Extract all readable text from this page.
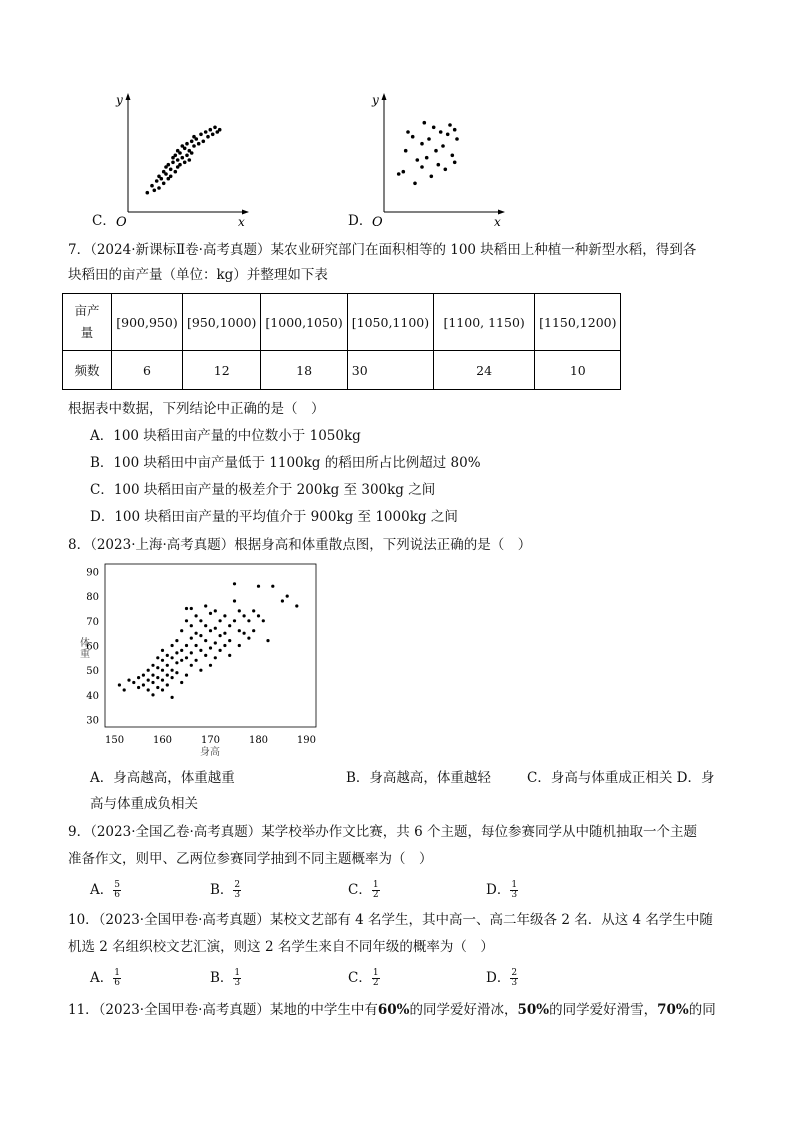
C．
y
x
O	D．
y
x
O
7．（2024·新课标Ⅱ卷·高考真题）某农业研究部门在面积相等的 100 块稻田上种植一种新型水稻，得到各
块稻田的亩产量（单位：kg）并整理如下表
亩产
量	[900,950)	[950,1000)	[1000,1050)	[1050,1100)	[1100, 1150)	[1150,1200)
频数	6	12	18	30	24	10
根据表中数据，下列结论中正确的是（　）
A．100 块稻田亩产量的中位数小于 1050kg
B．100 块稻田中亩产量低于 1100kg 的稻田所占比例超过 80%
C．100 块稻田亩产量的极差介于 200kg 至 300kg 之间
D．100 块稻田亩产量的平均值介于 900kg 至 1000kg 之间
8．（2023·上海·高考真题）根据身高和体重散点图，下列说法正确的是（　）
90
80
70
60
50
40
30
150	160	170	180	190
体
重
身高
A．身高越高，体重越重	B．身高越高，体重越轻	C．身高与体重成正相关 D．身
高与体重成负相关
9．（2023·全国乙卷·高考真题）某学校举办作文比赛，共 6 个主题，每位参赛同学从中随机抽取一个主题
准备作文，则甲、乙两位参赛同学抽到不同主题概率为（　）
A． $\frac{5}{6}$	B． $\frac{2}{3}$	C． $\frac{1}{2}$	D． $\frac{1}{3}$
10．（2023·全国甲卷·高考真题）某校文艺部有 4 名学生，其中高一、高二年级各 2 名．从这 4 名学生中随
机选 2 名组织校文艺汇演，则这 2 名学生来自不同年级的概率为（　）
A． $\frac{1}{6}$	B． $\frac{1}{3}$	C． $\frac{1}{2}$	D． $\frac{2}{3}$
11．（2023·全国甲卷·高考真题）某地的中学生中有60%的同学爱好滑冰，50%的同学爱好滑雪，70%的同
